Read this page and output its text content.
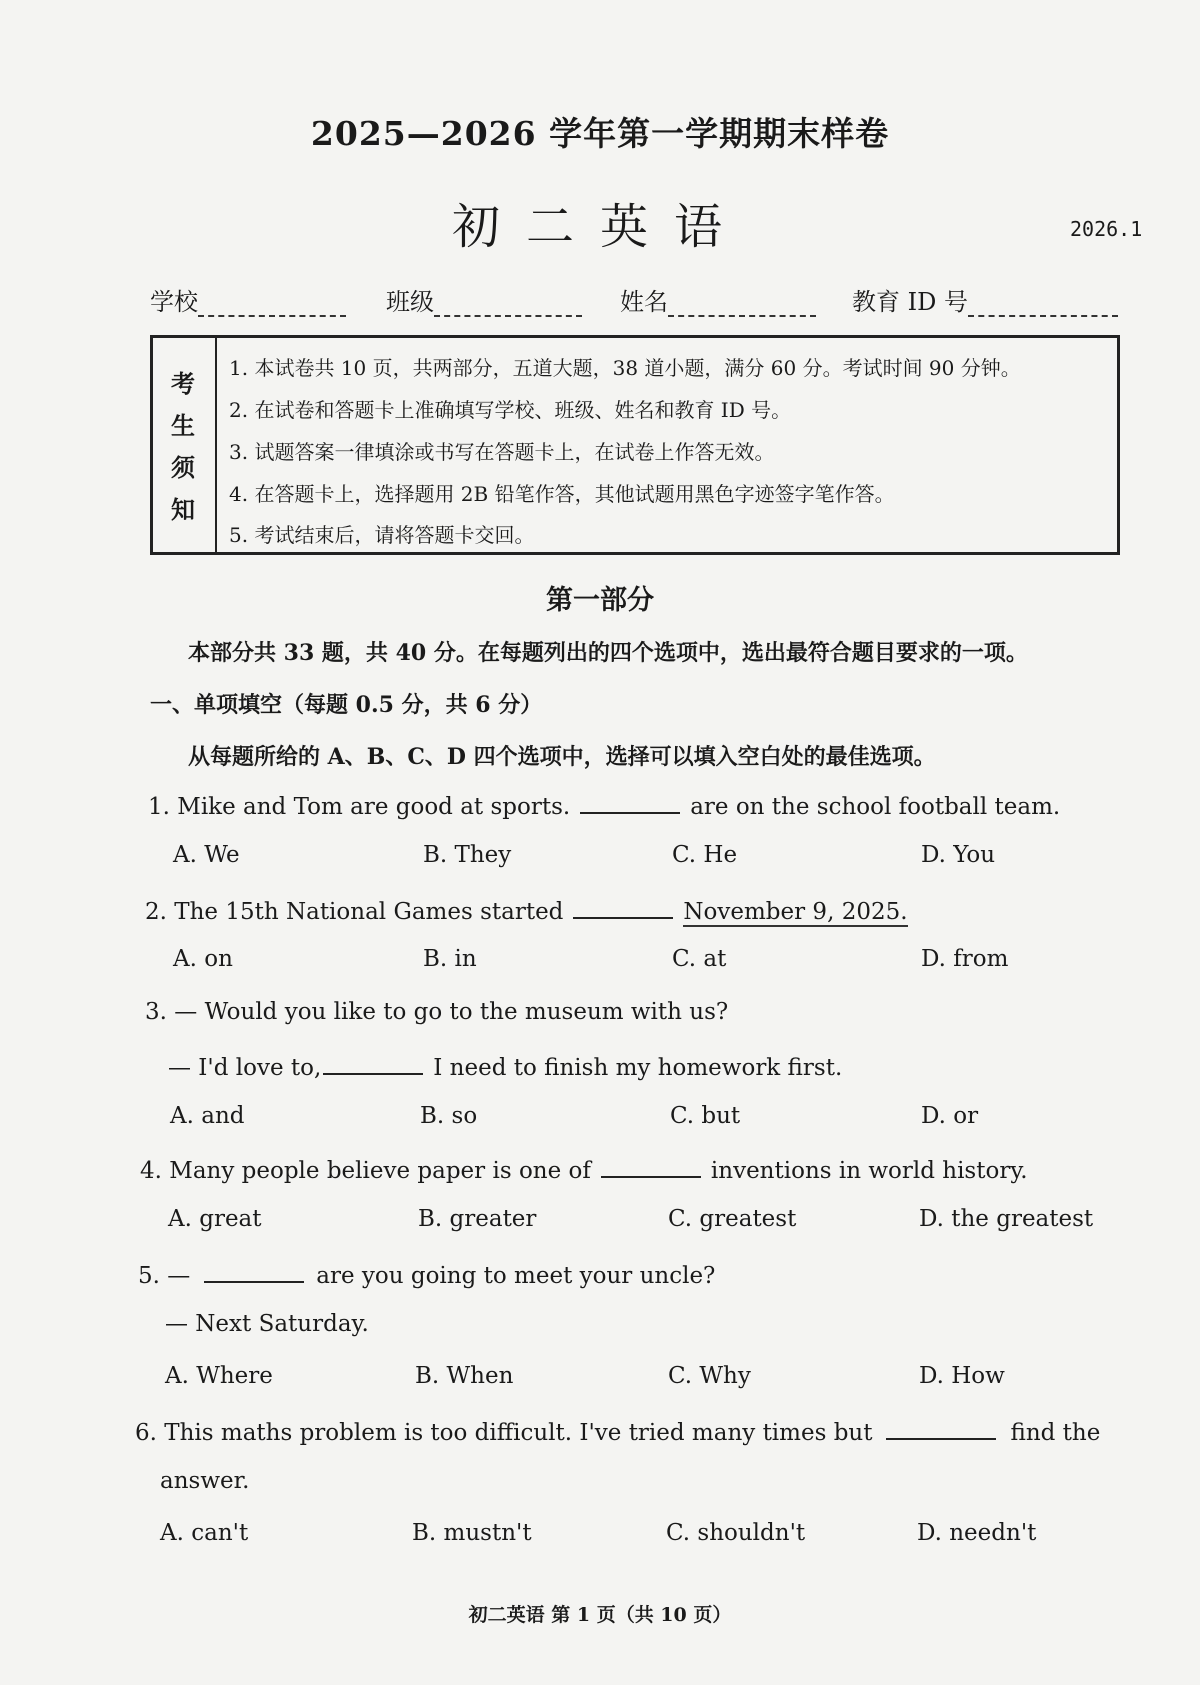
2025—2026 学年第一学期期末样卷
初二英语	2026.1
学校	班级	姓名	教育 ID 号
考
生
须
知
1. 本试卷共 10 页，共两部分，五道大题，38 道小题，满分 60 分。考试时间 90 分钟。
2. 在试卷和答题卡上准确填写学校、班级、姓名和教育 ID 号。
3. 试题答案一律填涂或书写在答题卡上，在试卷上作答无效。
4. 在答题卡上，选择题用 2B 铅笔作答，其他试题用黑色字迹签字笔作答。
5. 考试结束后，请将答题卡交回。
第一部分
本部分共 33 题，共 40 分。在每题列出的四个选项中，选出最符合题目要求的一项。
一、单项填空（每题 0.5 分，共 6 分）
从每题所给的 A、B、C、D 四个选项中，选择可以填入空白处的最佳选项。
1. Mike and Tom are good at sports.	are on the school football team.
A. We	B. They	C. He	D. You
2. The 15th National Games started	November 9, 2025.
A. on	B. in	C. at	D. from
3. — Would you like to go to the museum with us?
— I'd love to,	I need to finish my homework first.
A. and	B. so	C. but	D. or
4. Many people believe paper is one of	inventions in world history.
A. great	B. greater	C. greatest	D. the greatest
5. —	are you going to meet your uncle?
— Next Saturday.
A. Where	B. When	C. Why	D. How
6. This maths problem is too difficult. I've tried many times but	find the
answer.
A. can't	B. mustn't	C. shouldn't	D. needn't
初二英语 第 1 页（共 10 页）
